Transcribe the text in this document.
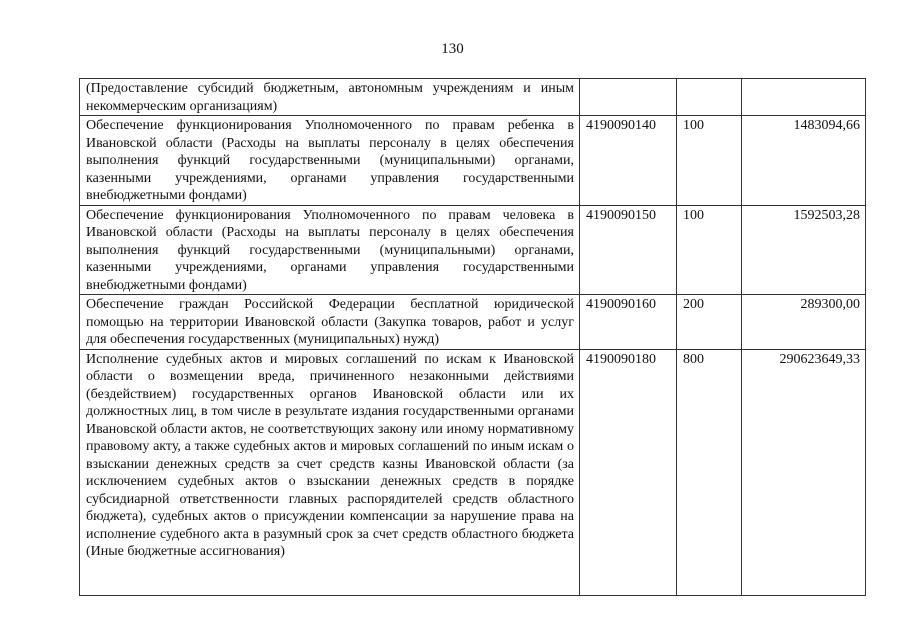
130
(Предоставление субсидий бюджетным, автономным учреждениям и иным некоммерческим организациям)			
Обеспечение функционирования Уполномоченного по правам ребенка в Ивановской области (Расходы на выплаты персоналу в целях обеспечения выполнения функций государственными (муниципальными) органами, казенными учреждениями, органами управления государственными внебюджетными фондами)	4190090140	100	1483094,66
Обеспечение функционирования Уполномоченного по правам человека в Ивановской области (Расходы на выплаты персоналу в целях обеспечения выполнения функций государственными (муниципальными) органами, казенными учреждениями, органами управления государственными внебюджетными фондами)	4190090150	100	1592503,28
Обеспечение граждан Российской Федерации бесплатной юридической помощью на территории Ивановской области (Закупка товаров, работ и услуг для обеспечения государственных (муниципальных) нужд)	4190090160	200	289300,00
Исполнение судебных актов и мировых соглашений по искам к Ивановской области о возмещении вреда, причиненного незаконными действиями (бездействием) государственных органов Ивановской области или их должностных лиц, в том числе в результате издания государственными органами Ивановской области актов, не соответствующих закону или иному нормативному правовому акту, а также судебных актов и мировых соглашений по иным искам о взыскании денежных средств за счет средств казны Ивановской области (за исключением судебных актов о взыскании денежных средств в порядке субсидиарной ответственности главных распорядителей средств областного бюджета), судебных актов о присуждении компенсации за нарушение права на исполнение судебного акта в разумный срок за счет средств областного бюджета (Иные бюджетные ассигнования)	4190090180	800	290623649,33
